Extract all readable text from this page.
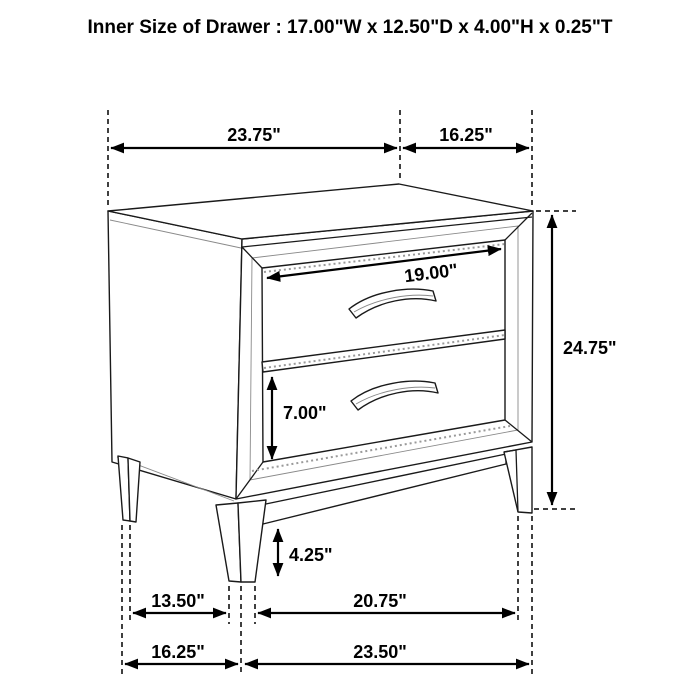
Inner Size of Drawer : 17.00"W x 12.50"D x 4.00"H x 0.25"T
23.75"	16.25"
24.75"
19.00"
7.00"
4.25"
13.50"	20.75"
16.25"	23.50"
